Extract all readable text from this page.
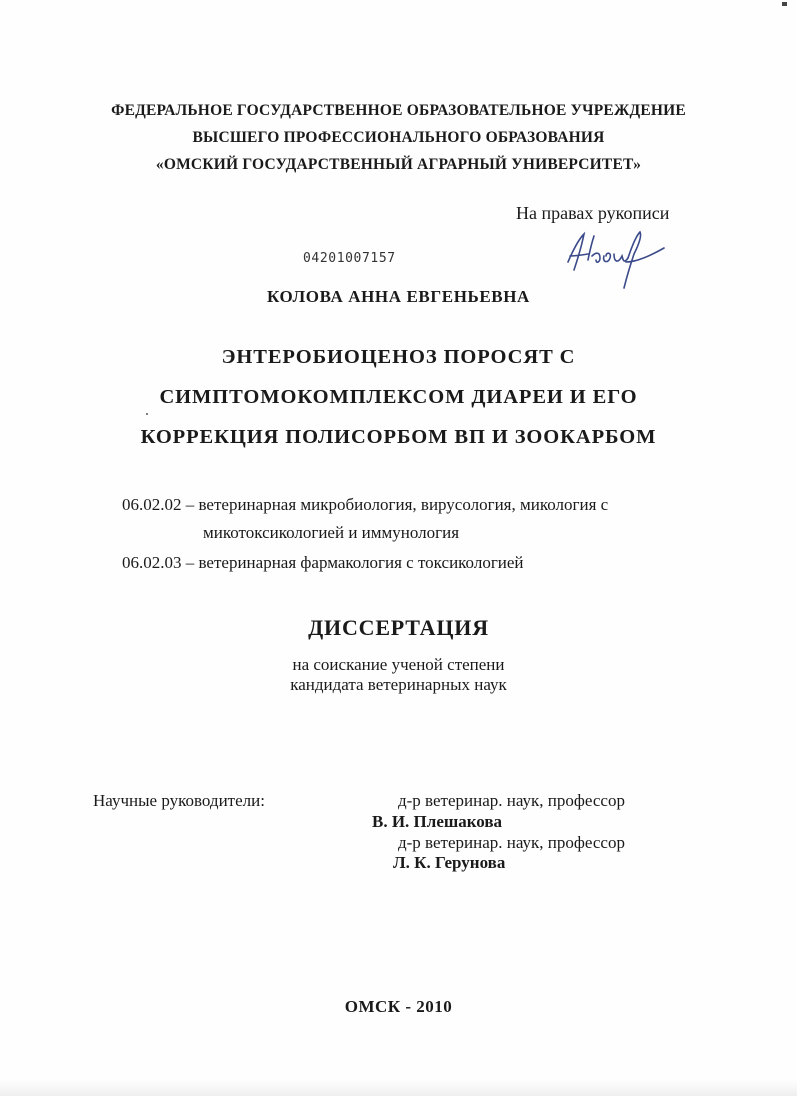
ФЕДЕРАЛЬНОЕ ГОСУДАРСТВЕННОЕ ОБРАЗОВАТЕЛЬНОЕ УЧРЕЖДЕНИЕ
ВЫСШЕГО ПРОФЕССИОНАЛЬНОГО ОБРАЗОВАНИЯ
«ОМСКИЙ ГОСУДАРСТВЕННЫЙ АГРАРНЫЙ УНИВЕРСИТЕТ»
На правах рукописи
04201007157
КОЛОВА АННА ЕВГЕНЬЕВНА
ЭНТЕРОБИОЦЕНОЗ ПОРОСЯТ С
СИМПТОМОКОМПЛЕКСОМ ДИАРЕИ И ЕГО
КОРРЕКЦИЯ ПОЛИСОРБОМ ВП И ЗООКАРБОМ
06.02.02 – ветеринарная микробиология, вирусология, микология с
микотоксикологией и иммунология
06.02.03 – ветеринарная фармакология с токсикологией
ДИССЕРТАЦИЯ
на соискание ученой степени
кандидата ветеринарных наук
Научные руководители:	д-р ветеринар. наук, профессор
В. И. Плешакова
д-р ветеринар. наук, профессор
Л. К. Герунова
ОМСК - 2010
